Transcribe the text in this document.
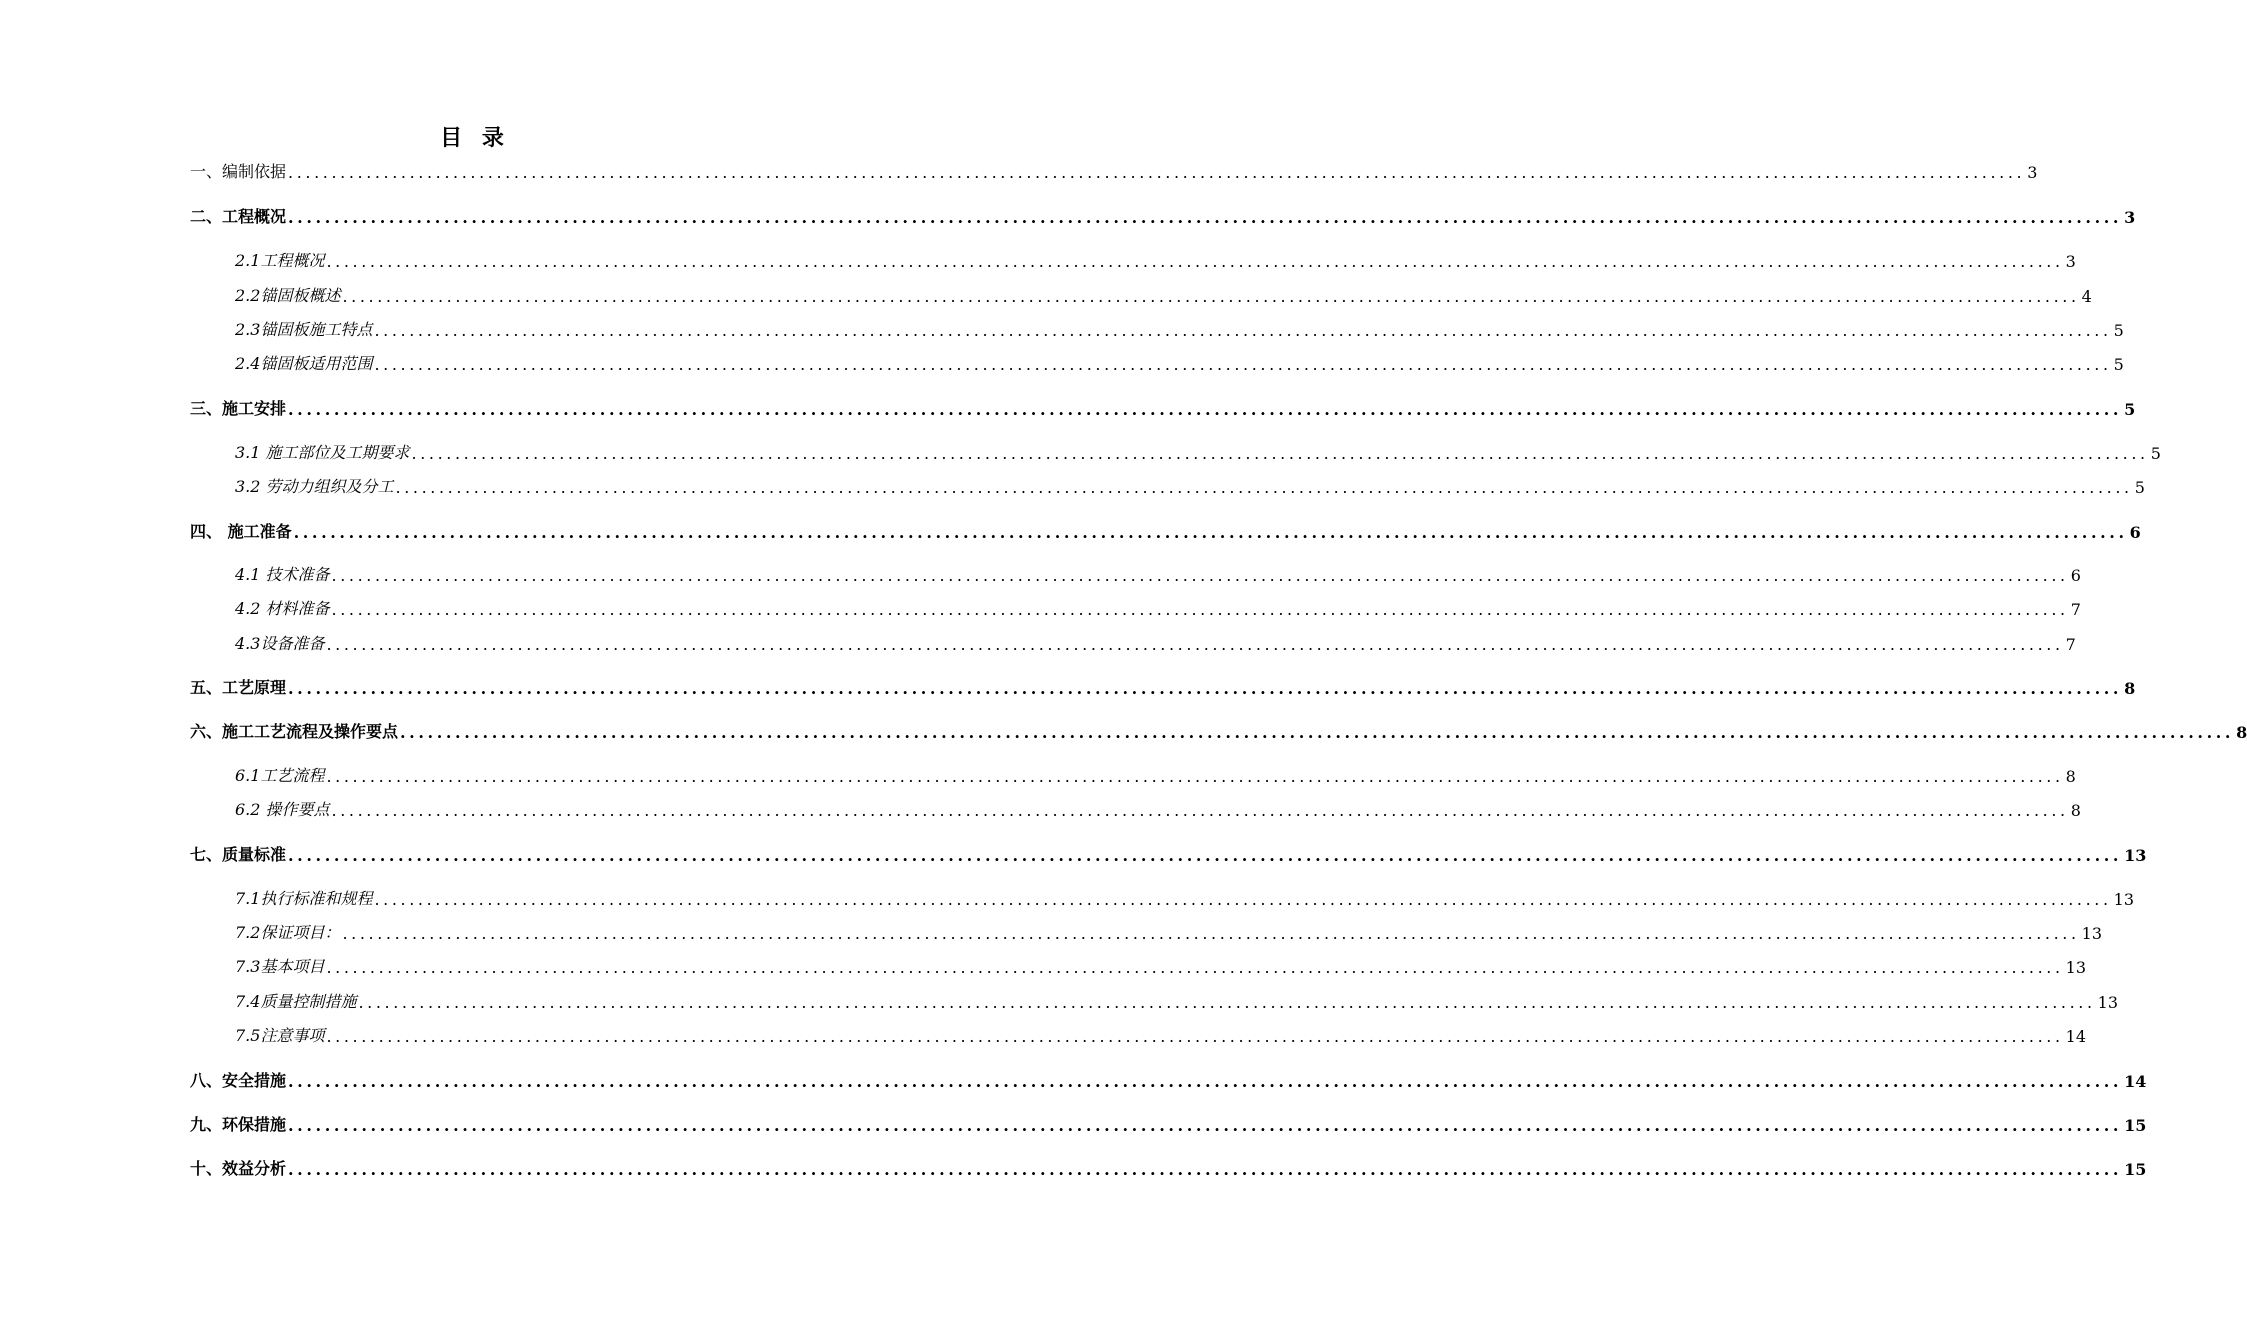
目 录
一、编制依据 ........................................................................................................................................................................................................ 3
二、工程概况 ........................................................................................................................................................................................................ 3
2.1工程概况 ........................................................................................................................................................................................................ 3
2.2锚固板概述 ........................................................................................................................................................................................................ 4
2.3锚固板施工特点 ........................................................................................................................................................................................................ 5
2.4锚固板适用范围 ........................................................................................................................................................................................................ 5
三、施工安排 ........................................................................................................................................................................................................ 5
3.1 施工部位及工期要求 ........................................................................................................................................................................................................ 5
3.2 劳动力组织及分工 ........................................................................................................................................................................................................ 5
四、 施工准备 ........................................................................................................................................................................................................ 6
4.1 技术准备 ........................................................................................................................................................................................................ 6
4.2 材料准备 ........................................................................................................................................................................................................ 7
4.3设备准备 ........................................................................................................................................................................................................ 7
五、工艺原理 ........................................................................................................................................................................................................ 8
六、施工工艺流程及操作要点 ........................................................................................................................................................................................................ 8
6.1工艺流程 ........................................................................................................................................................................................................ 8
6.2 操作要点 ........................................................................................................................................................................................................ 8
七、质量标准 ........................................................................................................................................................................................................ 13
7.1执行标准和规程 ........................................................................................................................................................................................................ 13
7.2保证项目： ........................................................................................................................................................................................................ 13
7.3基本项目 ........................................................................................................................................................................................................ 13
7.4质量控制措施 ........................................................................................................................................................................................................ 13
7.5注意事项 ........................................................................................................................................................................................................ 14
八、安全措施 ........................................................................................................................................................................................................ 14
九、环保措施 ........................................................................................................................................................................................................ 15
十、效益分析 ........................................................................................................................................................................................................ 15
